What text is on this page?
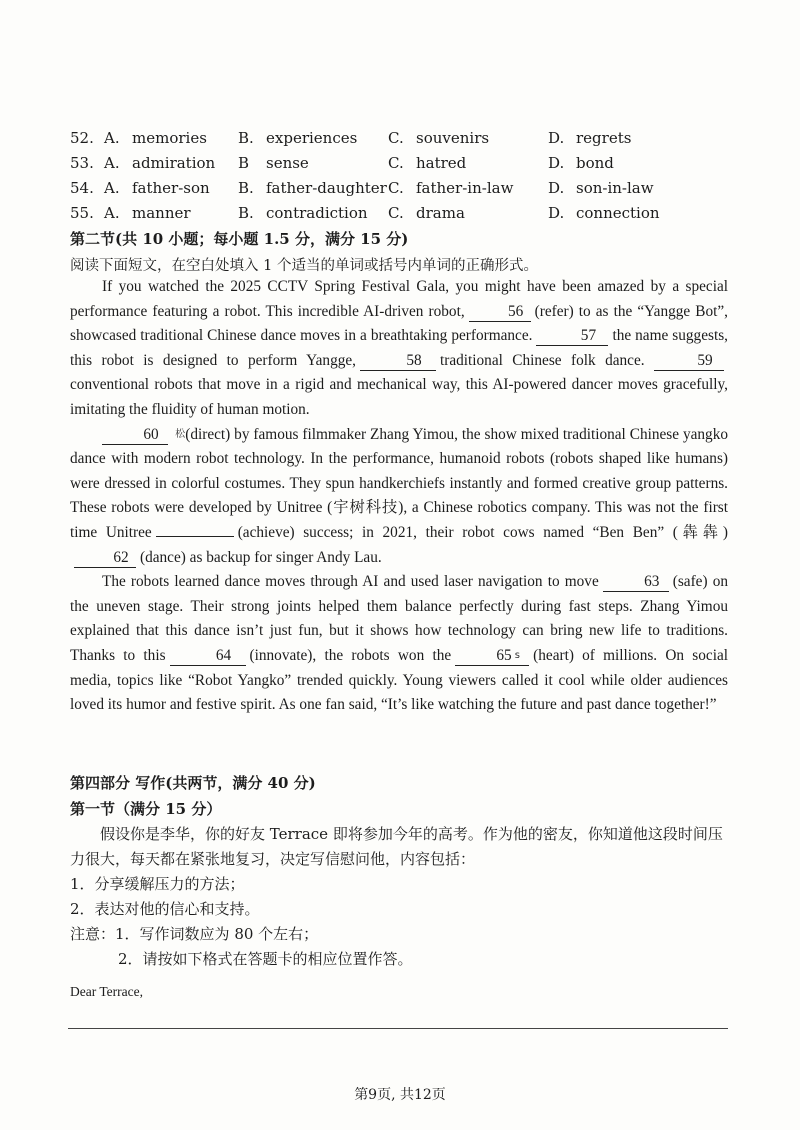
52. A. memories B. experiences C. souvenirs	D. regrets
53. A. admiration B	sense	C. hatred	D. bond
54. A. father-son B. father-daughter C. father-in-law D. son-in-law
55. A. manner	B. contradiction C. drama	D. connection
第二节(共 10 小题；每小题 1.5 分，满分 15 分)
阅读下面短文，在空白处填入 1 个适当的单词或括号内单词的正确形式。

If you watched the 2025 CCTV Spring Festival Gala, you might have been amazed by a special performance featuring a robot. This incredible AI-driven robot,	56 (refer) to as the “Yangge Bot”, showcased traditional Chinese dance moves in a breathtaking performance.	57 the name suggests, this robot is designed to perform Yangge,	58 traditional Chinese folk dance.	59conventional robots that move in a rigid and mechanical way, this AI-powered dancer moves gracefully, imitating the fluidity of human motion.

60 $^松$(direct) by famous filmmaker Zhang Yimou, the show mixed traditional Chinese yangko dance with modern robot technology. In the performance, humanoid robots (robots shaped like humans) were dressed in colorful costumes. They spun handkerchiefs instantly and formed creative group patterns. These robots were developed by Unitree (宇树科技), a Chinese robotics company. This was not the first time Unitree	(achieve) success; in 2021, their robot cows named “Ben Ben” (犇犇)62 (dance) as backup for singer Andy Lau.

The robots learned dance moves through AI and used laser navigation to move	63 (safe) on the uneven stage. Their strong joints helped them balance perfectly during fast steps. Zhang Yimou explained that this dance isn’t just fun, but it shows how technology can bring new life to traditions. Thanks to this	64 (innovate), the robots won the	65 $^s$ (heart) of millions. On social media, topics like “Robot Yangko” trended quickly. Young viewers called it cool while older audiences loved its humor and festive spirit. As one fan said, “It’s like watching the future and past dance together!”

第四部分 写作(共两节，满分 40 分)
第一节（满分 15 分）

假设你是李华，你的好友 Terrace 即将参加今年的高考。作为他的密友，你知道他这段时间压力很大，每天都在紧张地复习，决定写信慰问他，内容包括：

1．分享缓解压力的方法；

2．表达对他的信心和支持。

注意：1．写作词数应为 80 个左右；

2．请按如下格式在答题卡的相应位置作答。

Dear Terrace,
第9页, 共12页
